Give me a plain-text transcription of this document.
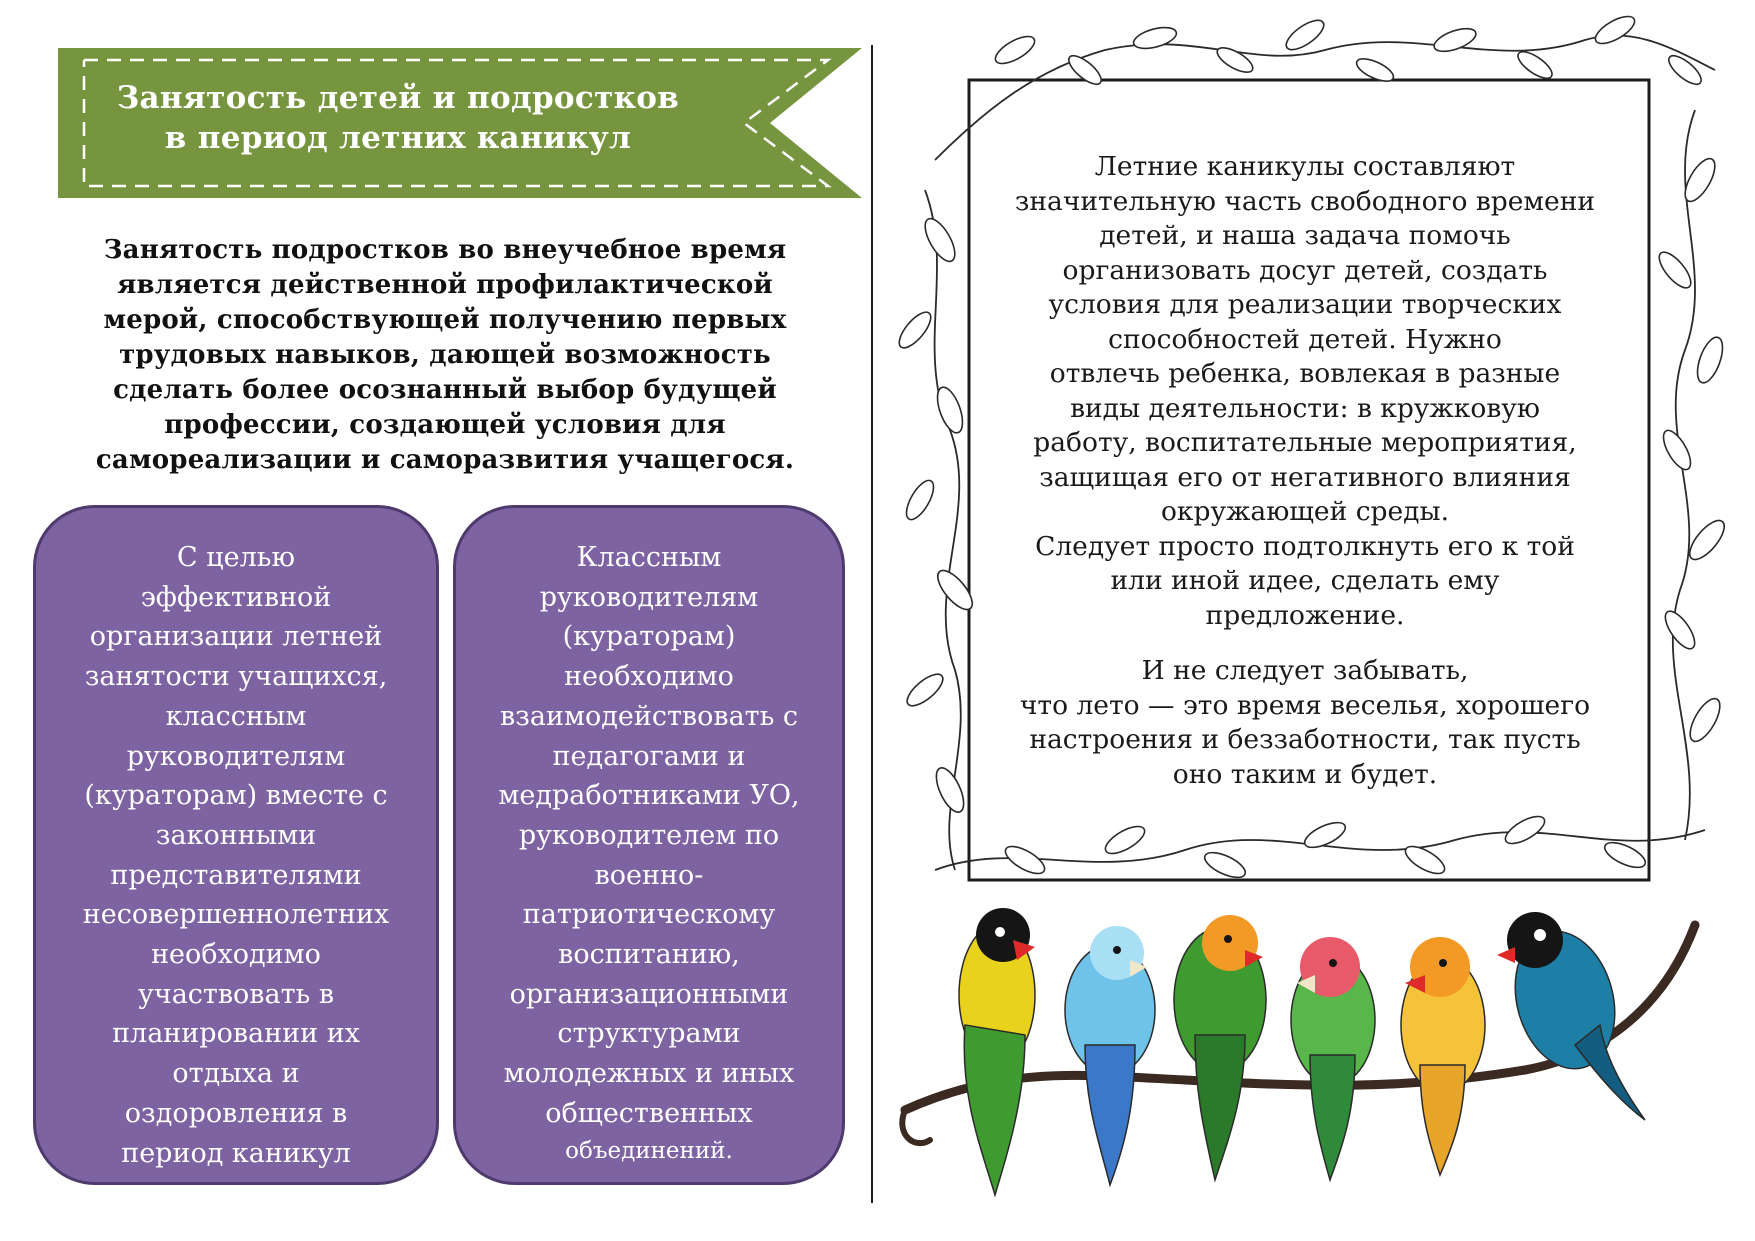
Занятость детей и подростков
в период летних каникул
Занятость подростков во внеучебное время является действенной профилактической мерой, способствующей получению первых трудовых навыков, дающей возможность сделать более осознанный выбор будущей профессии, создающей условия для самореализации и саморазвития учащегося.
С целью
эффективной
организации летней
занятости учащихся,
классным
руководителям
(кураторам) вместе с
законными
представителями
несовершеннолетних
необходимо
участвовать в
планировании их
отдыха и
оздоровления в
период каникул
Классным
руководителям
(кураторам)
необходимо
взаимодействовать с
педагогами и
медработниками УО,
руководителем по
военно-
патриотическому
воспитанию,
организационными
структурами
молодежных и иных
общественных
объединений.

Летние каникулы составляют
значительную часть свободного времени
детей, и наша задача помочь
организовать досуг детей, создать
условия для реализации творческих
способностей детей. Нужно
отвлечь ребенка, вовлекая в разные
виды деятельности: в кружковую
работу, воспитательные мероприятия,
защищая его от негативного влияния
окружающей среды.
Следует просто подтолкнуть его к той
или иной идее, сделать ему
предложение.

И не следует забывать,
что лето — это время веселья, хорошего
настроения и беззаботности, так пусть
оно таким и будет.
